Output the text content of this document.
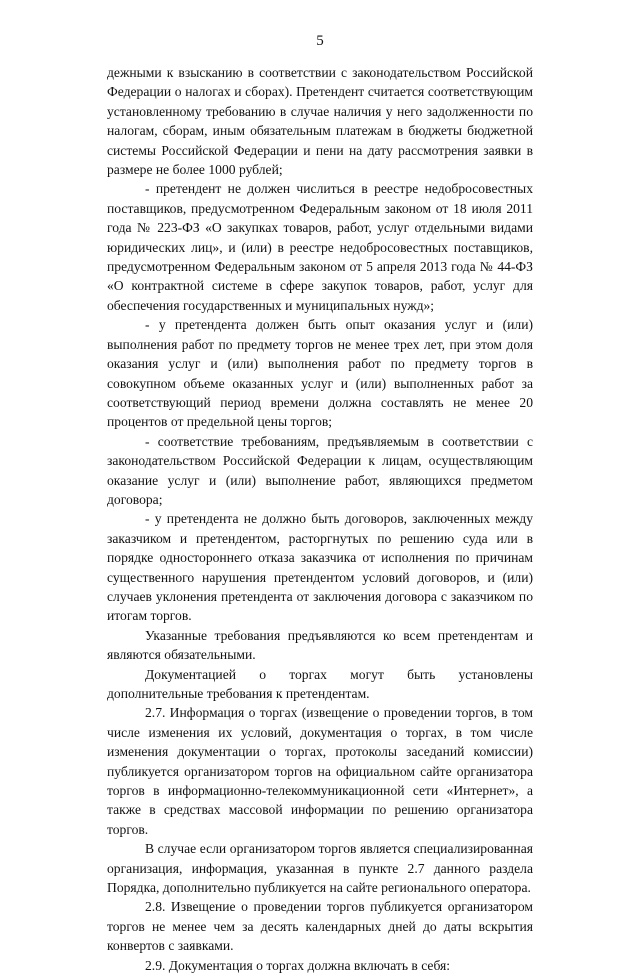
5

дежными к взысканию в соответствии с законодательством Российской Федерации о налогах и сборах). Претендент считается соответствующим установленному требованию в случае наличия у него задолженности по налогам, сборам, иным обязательным платежам в бюджеты бюджетной системы Российской Федерации и пени на дату рассмотрения заявки в размере не более 1000 рублей;

- претендент не должен числиться в реестре недобросовестных поставщиков, предусмотренном Федеральным законом от 18 июля 2011 года № 223-ФЗ «О закупках товаров, работ, услуг отдельными видами юридических лиц», и (или) в реестре недобросовестных поставщиков, предусмотренном Федеральным законом от 5 апреля 2013 года № 44-ФЗ «О контрактной системе в сфере закупок товаров, работ, услуг для обеспечения государственных и муниципальных нужд»;

- у претендента должен быть опыт оказания услуг и (или) выполнения работ по предмету торгов не менее трех лет, при этом доля оказания услуг и (или) выполнения работ по предмету торгов в совокупном объеме оказанных услуг и (или) выполненных работ за соответствующий период времени должна составлять не менее 20 процентов от предельной цены торгов;

- соответствие требованиям, предъявляемым в соответствии с законодательством Российской Федерации к лицам, осуществляющим оказание услуг и (или) выполнение работ, являющихся предметом договора;

- у претендента не должно быть договоров, заключенных между заказчиком и претендентом, расторгнутых по решению суда или в порядке одностороннего отказа заказчика от исполнения по причинам существенного нарушения претендентом условий договоров, и (или) случаев уклонения претендента от заключения договора с заказчиком по итогам торгов.

Указанные требования предъявляются ко всем претендентам и являются обязательными.

Документацией о торгах могут быть установлены дополнительные требования к претендентам.

2.7. Информация о торгах (извещение о проведении торгов, в том числе изменения их условий, документация о торгах, в том числе изменения документации о торгах, протоколы заседаний комиссии) публикуется организатором торгов на официальном сайте организатора торгов в информационно-телекоммуникационной сети «Интернет», а также в средствах массовой информации по решению организатора торгов.

В случае если организатором торгов является специализированная организация, информация, указанная в пункте 2.7 данного раздела Порядка, дополнительно публикуется на сайте регионального оператора.

2.8. Извещение о проведении торгов публикуется организатором торгов не менее чем за десять календарных дней до даты вскрытия конвертов с заявками.

2.9. Документация о торгах должна включать в себя:
